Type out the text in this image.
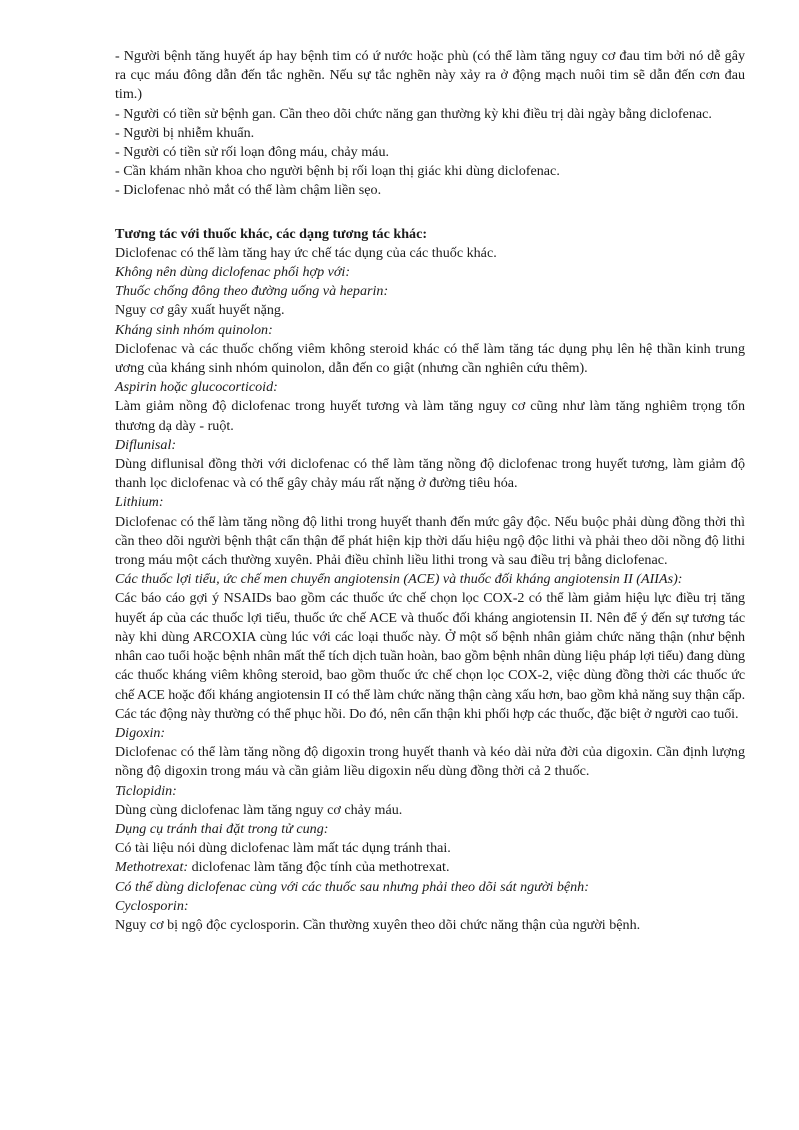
- Người bệnh tăng huyết áp hay bệnh tim có ứ nước hoặc phù (có thể làm tăng nguy cơ đau tim bởi nó dễ gây ra cục máu đông dẫn đến tắc nghẽn. Nếu sự tắc nghẽn này xảy ra ở động mạch nuôi tim sẽ dẫn đến cơn đau tim.)

- Người có tiền sử bệnh gan. Cần theo dõi chức năng gan thường kỳ khi điều trị dài ngày bằng diclofenac.

- Người bị nhiễm khuẩn.

- Người có tiền sử rối loạn đông máu, chảy máu.

- Cần khám nhãn khoa cho người bệnh bị rối loạn thị giác khi dùng diclofenac.

- Diclofenac nhỏ mắt có thể làm chậm liền sẹo.

Tương tác với thuốc khác, các dạng tương tác khác:

Diclofenac có thể làm tăng hay ức chế tác dụng của các thuốc khác.

Không nên dùng diclofenac phối hợp với:

Thuốc chống đông theo đường uống và heparin:

Nguy cơ gây xuất huyết nặng.

Kháng sinh nhóm quinolon:

Diclofenac và các thuốc chống viêm không steroid khác có thể làm tăng tác dụng phụ lên hệ thần kinh trung ương của kháng sinh nhóm quinolon, dẫn đến co giật (nhưng cần nghiên cứu thêm).

Aspirin hoặc glucocorticoid:

Làm giảm nồng độ diclofenac trong huyết tương và làm tăng nguy cơ cũng như làm tăng nghiêm trọng tổn thương dạ dày - ruột.

Diflunisal:

Dùng diflunisal đồng thời với diclofenac có thể làm tăng nồng độ diclofenac trong huyết tương, làm giảm độ thanh lọc diclofenac và có thể gây chảy máu rất nặng ở đường tiêu hóa.

Lithium:

Diclofenac có thể làm tăng nồng độ lithi trong huyết thanh đến mức gây độc. Nếu buộc phải dùng đồng thời thì cần theo dõi người bệnh thật cẩn thận để phát hiện kịp thời dấu hiệu ngộ độc lithi và phải theo dõi nồng độ lithi trong máu một cách thường xuyên. Phải điều chỉnh liều lithi trong và sau điều trị bằng diclofenac.

Các thuốc lợi tiểu, ức chế men chuyển angiotensin (ACE) và thuốc đối kháng angiotensin II (AIIAs):

Các báo cáo gợi ý NSAIDs bao gồm các thuốc ức chế chọn lọc COX-2 có thể làm giảm hiệu lực điều trị tăng huyết áp của các thuốc lợi tiểu, thuốc ức chế ACE và thuốc đối kháng angiotensin II. Nên để ý đến sự tương tác này khi dùng ARCOXIA cùng lúc với các loại thuốc này. Ở một số bệnh nhân giảm chức năng thận (như bệnh nhân cao tuổi hoặc bệnh nhân mất thể tích dịch tuần hoàn, bao gồm bệnh nhân dùng liệu pháp lợi tiểu) đang dùng các thuốc kháng viêm không steroid, bao gồm thuốc ức chế chọn lọc COX-2, việc dùng đồng thời các thuốc ức chế ACE hoặc đối kháng angiotensin II có thể làm chức năng thận càng xấu hơn, bao gồm khả năng suy thận cấp. Các tác động này thường có thể phục hồi. Do đó, nên cẩn thận khi phối hợp các thuốc, đặc biệt ở người cao tuổi.

Digoxin:

Diclofenac có thể làm tăng nồng độ digoxin trong huyết thanh và kéo dài nửa đời của digoxin. Cần định lượng nồng độ digoxin trong máu và cần giảm liều digoxin nếu dùng đồng thời cả 2 thuốc.

Ticlopidin:

Dùng cùng diclofenac làm tăng nguy cơ chảy máu.

Dụng cụ tránh thai đặt trong tử cung:

Có tài liệu nói dùng diclofenac làm mất tác dụng tránh thai.

Methotrexat: diclofenac làm tăng độc tính của methotrexat.

Có thể dùng diclofenac cùng với các thuốc sau nhưng phải theo dõi sát người bệnh:

Cyclosporin:

Nguy cơ bị ngộ độc cyclosporin. Cần thường xuyên theo dõi chức năng thận của người bệnh.
